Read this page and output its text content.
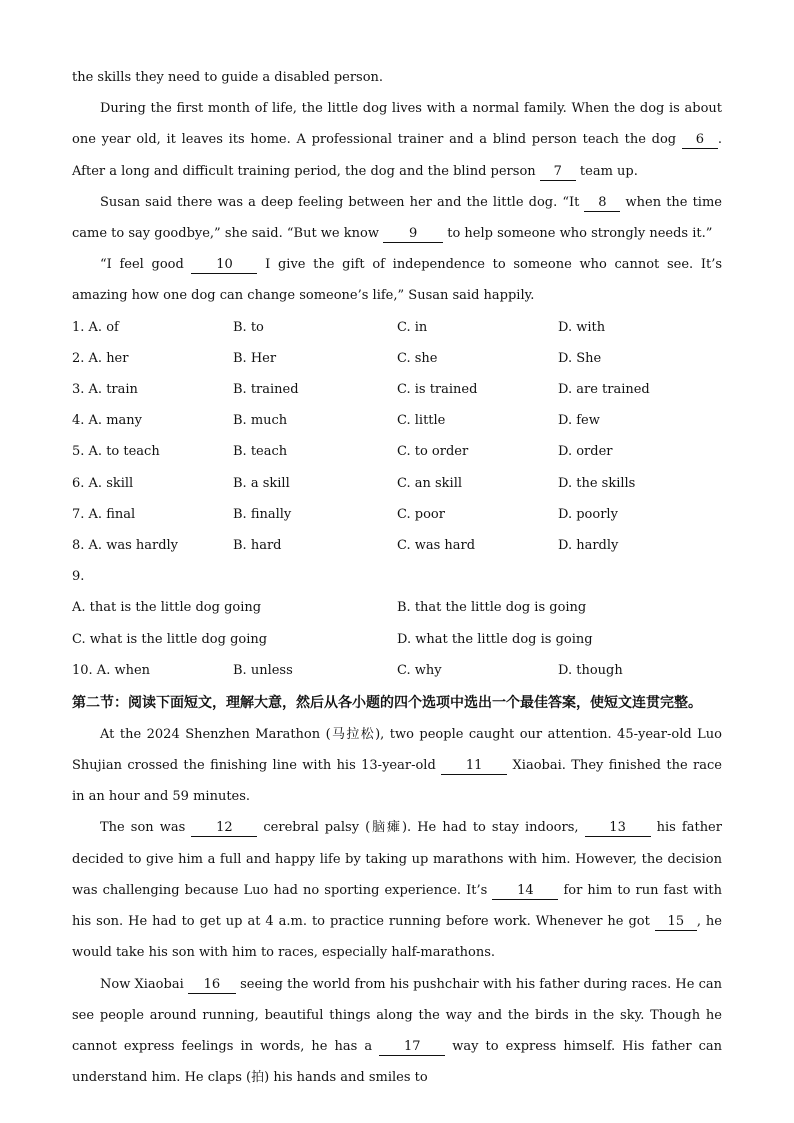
the skills they need to guide a disabled person.

During the first month of life, the little dog lives with a normal family. When the dog is about one year old, it leaves its home. A professional trainer and a blind person teach the dog 6 . After a long and difficult training period, the dog and the blind person 7 team up.

Susan said there was a deep feeling between her and the little dog. “It 8 when the time came to say goodbye,” she said. “But we know 9 to help someone who strongly needs it.”

“I feel good 10 I give the gift of independence to someone who cannot see. It’s amazing how one dog can change someone’s life,” Susan said happily.

1. A. of	B. to	C. in	D. with
2. A. her	B. Her	C. she	D. She
3. A. train	B. trained	C. is trained	D. are trained
4. A. many	B. much	C. little	D. few
5. A. to teach	B. teach	C. to order	D. order
6. A. skill	B. a skill	C. an skill	D. the skills
7. A. final	B. finally	C. poor	D. poorly
8. A. was hardly	B. hard	C. was hard	D. hardly
9.
A. that is the little dog going	B. that the little dog is going
C. what is the little dog going	D. what the little dog is going
10. A. when	B. unless	C. why	D. though

第二节：阅读下面短文，理解大意，然后从各小题的四个选项中选出一个最佳答案，使短文连贯完整。

At the 2024 Shenzhen Marathon (马拉松), two people caught our attention. 45-year-old Luo Shujian crossed the finishing line with his 13-year-old 11 Xiaobai. They finished the race in an hour and 59 minutes.

The son was 12 cerebral palsy (脑瘫). He had to stay indoors, 13 his father decided to give him a full and happy life by taking up marathons with him. However, the decision was challenging because Luo had no sporting experience. It’s 14 for him to run fast with his son. He had to get up at 4 a.m. to practice running before work. Whenever he got 15 , he would take his son with him to races, especially half-marathons.

Now Xiaobai 16 seeing the world from his pushchair with his father during races. He can see people around running, beautiful things along the way and the birds in the sky. Though he cannot express feelings in words, he has a 17 way to express himself. His father can understand him. He claps (拍) his hands and smiles to
